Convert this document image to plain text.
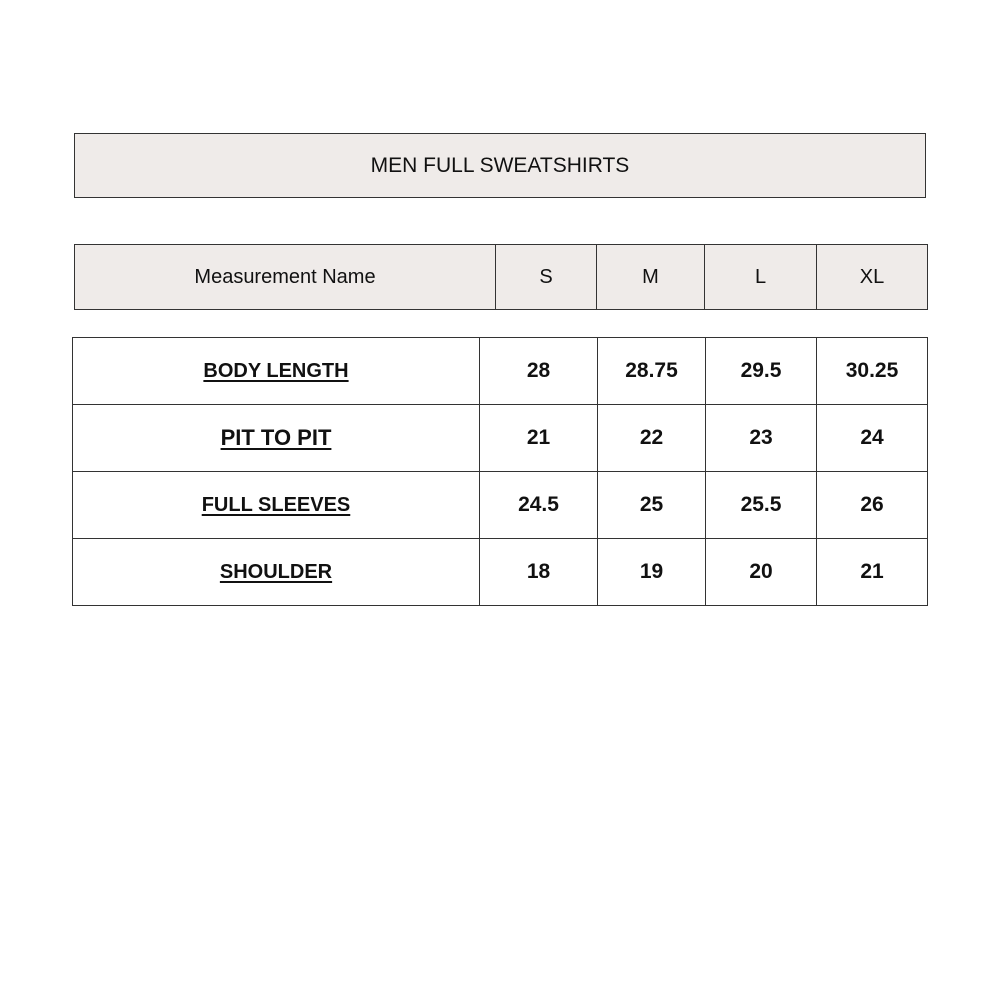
MEN FULL SWEATSHIRTS
Measurement Name	S	M	L	XL
BODY LENGTH	28	28.75	29.5	30.25
PIT TO PIT	21	22	23	24
FULL SLEEVES	24.5	25	25.5	26
SHOULDER	18	19	20	21
